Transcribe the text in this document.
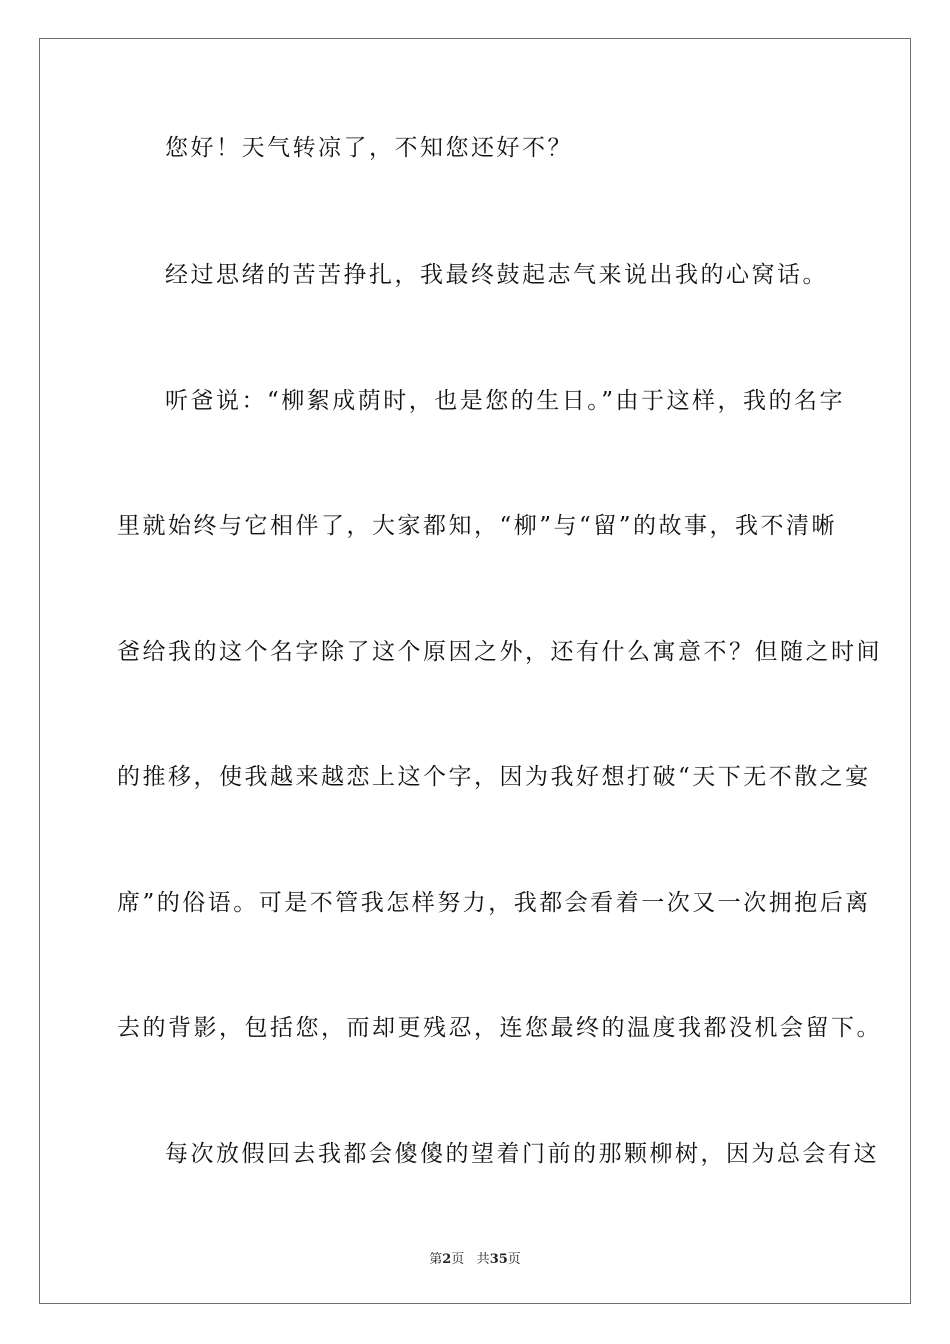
您好！天气转凉了，不知您还好不？
经过思绪的苦苦挣扎，我最终鼓起志气来说出我的心窝话。
听爸说：“柳絮成荫时，也是您的生日。”由于这样，我的名字
里就始终与它相伴了，大家都知，“柳”与“留”的故事，我不清晰
爸给我的这个名字除了这个原因之外，还有什么寓意不？但随之时间
的推移，使我越来越恋上这个字，因为我好想打破“天下无不散之宴
席”的俗语。可是不管我怎样努力，我都会看着一次又一次拥抱后离
去的背影，包括您，而却更残忍，连您最终的温度我都没机会留下。
每次放假回去我都会傻傻的望着门前的那颗柳树，因为总会有这
第2页 共35页
